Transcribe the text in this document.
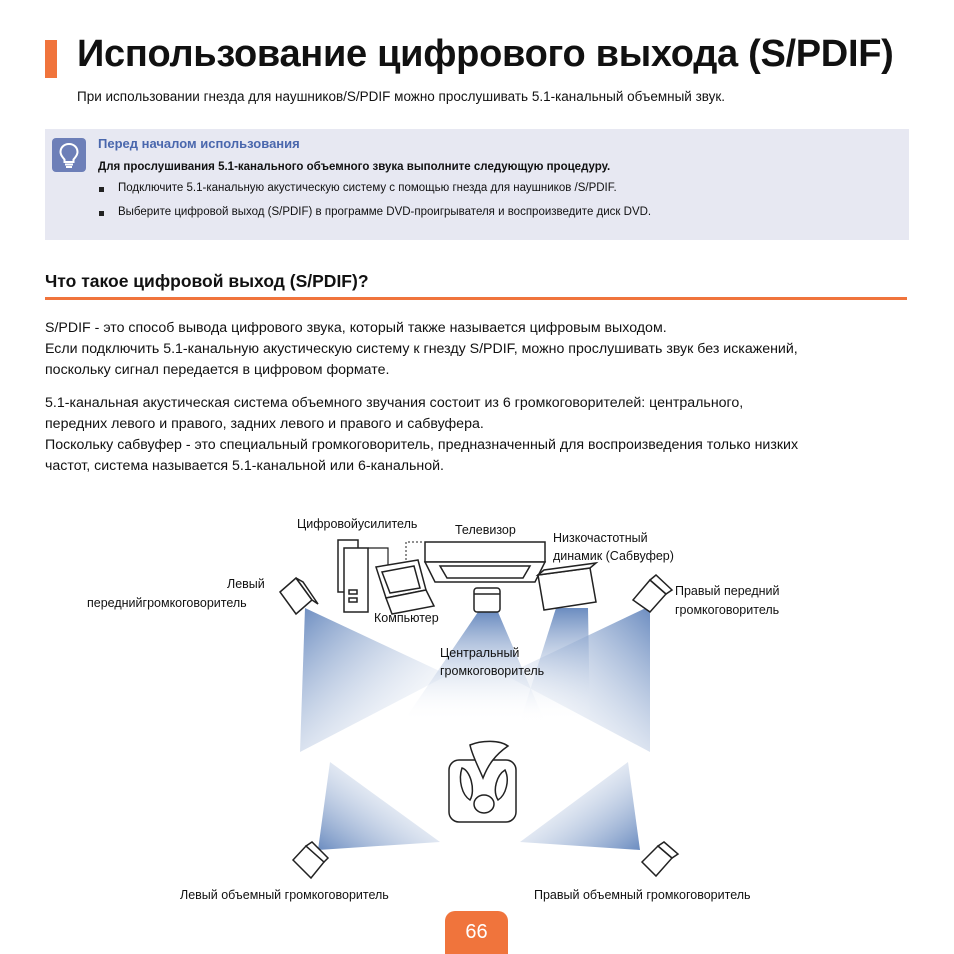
Использование цифрового выхода (S/PDIF)
При использовании гнезда для наушников/S/PDIF можно прослушивать 5.1-канальный объемный звук.
Перед началом использования
Для прослушивания 5.1-канального объемного звука выполните следующую процедуру.
Подключите 5.1-канальную акустическую систему с помощью гнезда для наушников /S/PDIF.
Выберите цифровой выход (S/PDIF) в программе DVD-проигрывателя и воспроизведите диск DVD.
Что такое цифровой выход (S/PDIF)?
S/PDIF - это способ вывода цифрового звука, который также называется цифровым выходом.
Если подключить 5.1-канальную акустическую систему к гнезду S/PDIF, можно прослушивать звук без искажений,
поскольку сигнал передается в цифровом формате.
5.1-канальная акустическая система объемного звучания состоит из 6 громкоговорителей: центрального,
передних левого и правого, задних левого и правого и сабвуфера.
Поскольку сабвуфер - это специальный громкоговоритель, предназначенный для воспроизведения только низких
частот, система называется 5.1-канальной или 6-канальной.
Цифровойусилитель	Телевизор
Низкочастотный
динамик (Сабвуфер)
Левый
переднийгромкоговоритель
Правый передний
громкоговоритель
Компьютер
Центральный
громкоговоритель
Левый объемный громкоговоритель	Правый объемный громкоговоритель
66
